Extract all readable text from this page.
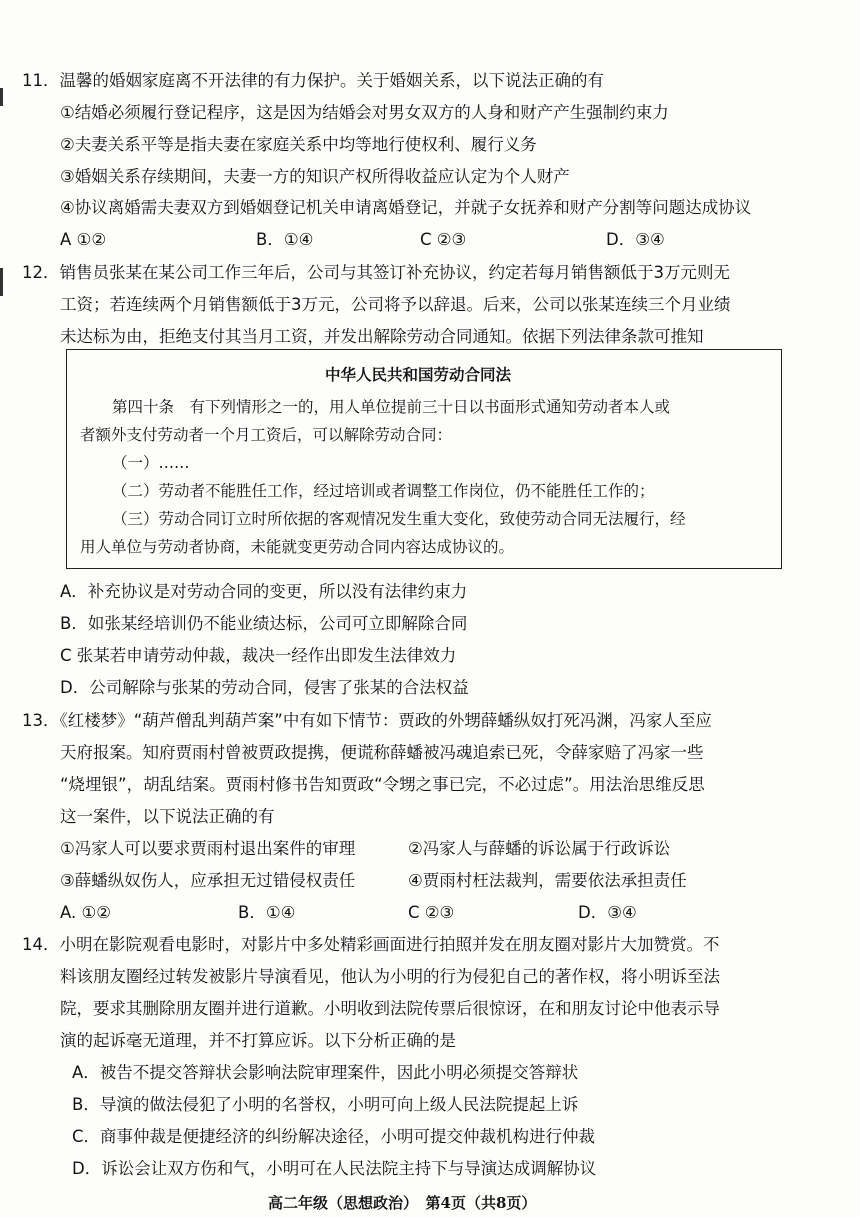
11．温馨的婚姻家庭离不开法律的有力保护。关于婚姻关系，以下说法正确的有
①结婚必须履行登记程序，这是因为结婚会对男女双方的人身和财产产生强制约束力
②夫妻关系平等是指夫妻在家庭关系中均等地行使权利、履行义务
③婚姻关系存续期间，夫妻一方的知识产权所得收益应认定为个人财产
④协议离婚需夫妻双方到婚姻登记机关申请离婚登记，并就子女抚养和财产分割等问题达成协议
A ①②	B．①④	C ②③	D．③④
12．销售员张某在某公司工作三年后，公司与其签订补充协议，约定若每月销售额低于3万元则无
工资；若连续两个月销售额低于3万元，公司将予以辞退。后来，公司以张某连续三个月业绩
未达标为由，拒绝支付其当月工资，并发出解除劳动合同通知。依据下列法律条款可推知
中华人民共和国劳动合同法
第四十条　有下列情形之一的，用人单位提前三十日以书面形式通知劳动者本人或
者额外支付劳动者一个月工资后，可以解除劳动合同：
（一）……
（二）劳动者不能胜任工作，经过培训或者调整工作岗位，仍不能胜任工作的；
（三）劳动合同订立时所依据的客观情况发生重大变化，致使劳动合同无法履行，经
用人单位与劳动者协商，未能就变更劳动合同内容达成协议的。
A．补充协议是对劳动合同的变更，所以没有法律约束力
B．如张某经培训仍不能业绩达标，公司可立即解除合同
C 张某若申请劳动仲裁，裁决一经作出即发生法律效力
D．公司解除与张某的劳动合同，侵害了张某的合法权益
13．《红楼梦》“葫芦僧乱判葫芦案”中有如下情节：贾政的外甥薛蟠纵奴打死冯渊，冯家人至应
天府报案。知府贾雨村曾被贾政提携，便谎称薛蟠被冯魂追索已死，令薛家赔了冯家一些
“烧埋银”，胡乱结案。贾雨村修书告知贾政“令甥之事已完，不必过虑”。用法治思维反思
这一案件，以下说法正确的有
①冯家人可以要求贾雨村退出案件的审理	②冯家人与薛蟠的诉讼属于行政诉讼
③薛蟠纵奴伤人，应承担无过错侵权责任	④贾雨村枉法裁判，需要依法承担责任
A. ①②	B．①④	C ②③	D．③④
14．小明在影院观看电影时，对影片中多处精彩画面进行拍照并发在朋友圈对影片大加赞赏。不
料该朋友圈经过转发被影片导演看见，他认为小明的行为侵犯自己的著作权，将小明诉至法
院，要求其删除朋友圈并进行道歉。小明收到法院传票后很惊讶，在和朋友讨论中他表示导
演的起诉毫无道理，并不打算应诉。以下分析正确的是
A．被告不提交答辩状会影响法院审理案件，因此小明必须提交答辩状
B．导演的做法侵犯了小明的名誉权，小明可向上级人民法院提起上诉
C．商事仲裁是便捷经济的纠纷解决途径，小明可提交仲裁机构进行仲裁
D．诉讼会让双方伤和气，小明可在人民法院主持下与导演达成调解协议
高二年级（思想政治）　第4页（共8页）
